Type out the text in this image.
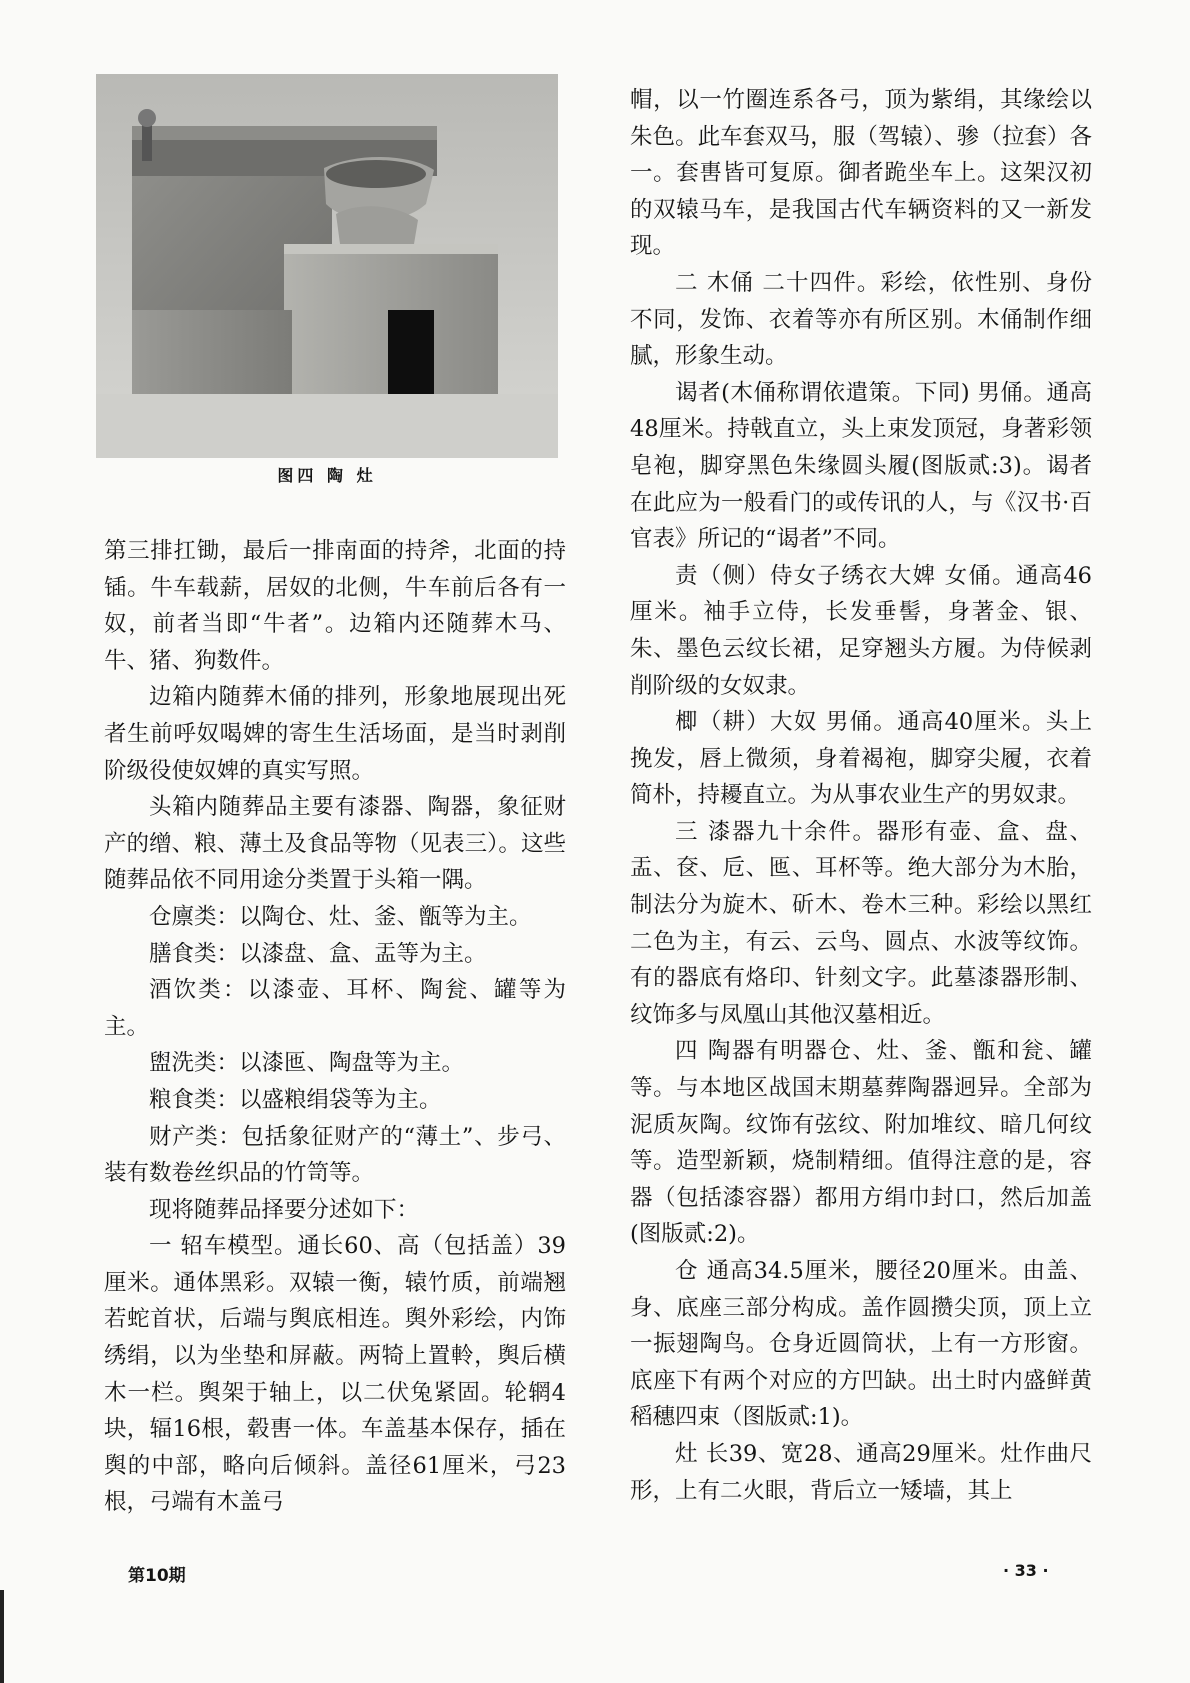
图四 陶 灶

第三排扛锄，最后一排南面的持斧，北面的持锸。牛车载薪，居奴的北侧，牛车前后各有一奴，前者当即“牛者”。边箱内还随葬木马、牛、猪、狗数件。

边箱内随葬木俑的排列，形象地展现出死者生前呼奴喝婢的寄生生活场面，是当时剥削阶级役使奴婢的真实写照。

头箱内随葬品主要有漆器、陶器，象征财产的缯、粮、薄土及食品等物（见表三）。这些随葬品依不同用途分类置于头箱一隅。

仓廪类：以陶仓、灶、釜、甑等为主。

膳食类：以漆盘、盒、盂等为主。

酒饮类：以漆壶、耳杯、陶瓮、罐等为主。

盥洗类：以漆匜、陶盘等为主。

粮食类：以盛粮绢袋等为主。

财产类：包括象征财产的“薄土”、步弓、装有数卷丝织品的竹笥等。

现将随葬品择要分述如下：

一 轺车模型。通长60、高（包括盖）39厘米。通体黑彩。双辕一衡，辕竹质，前端翘若蛇首状，后端与舆底相连。舆外彩绘，内饰绣绢，以为坐垫和屏蔽。两犄上置軨，舆后横木一栏。舆架于轴上，以二伏兔紧固。轮辋4块，辐16根，毂軎一体。车盖基本保存，插在舆的中部，略向后倾斜。盖径61厘米，弓23根，弓端有木盖弓

帽，以一竹圈连系各弓，顶为紫绢，其缘绘以朱色。此车套双马，服（驾辕）、骖（拉套）各一。套軎皆可复原。御者跪坐车上。这架汉初的双辕马车，是我国古代车辆资料的又一新发现。

二 木俑 二十四件。彩绘，依性别、身份不同，发饰、衣着等亦有所区别。木俑制作细腻，形象生动。

谒者(木俑称谓依遣策。下同) 男俑。通高48厘米。持戟直立，头上束发顶冠，身著彩领皂袍，脚穿黑色朱缘圆头履(图版贰:3)。谒者在此应为一般看门的或传讯的人，与《汉书·百官表》所记的“谒者”不同。

责（侧）侍女子绣衣大婢 女俑。通高46厘米。袖手立侍，长发垂髻，身著金、银、朱、墨色云纹长裙，足穿翘头方履。为侍候剥削阶级的女奴隶。

楖（耕）大奴 男俑。通高40厘米。头上挽发，唇上微须，身着褐袍，脚穿尖履，衣着简朴，持耰直立。为从事农业生产的男奴隶。

三 漆器九十余件。器形有壶、盒、盘、盂、奁、卮、匜、耳杯等。绝大部分为木胎，制法分为旋木、斫木、卷木三种。彩绘以黑红二色为主，有云、云鸟、圆点、水波等纹饰。有的器底有烙印、针刻文字。此墓漆器形制、纹饰多与凤凰山其他汉墓相近。

四 陶器有明器仓、灶、釜、甑和瓮、罐等。与本地区战国末期墓葬陶器迥异。全部为泥质灰陶。纹饰有弦纹、附加堆纹、暗几何纹等。造型新颖，烧制精细。值得注意的是，容器（包括漆容器）都用方绢巾封口，然后加盖(图版贰:2)。

仓 通高34.5厘米，腰径20厘米。由盖、身、底座三部分构成。盖作圆攒尖顶，顶上立一振翅陶鸟。仓身近圆筒状，上有一方形窗。底座下有两个对应的方凹缺。出土时内盛鲜黄稻穗四束（图版贰:1)。

灶 长39、宽28、通高29厘米。灶作曲尺形，上有二火眼，背后立一矮墙，其上

第10期	· 33 ·
